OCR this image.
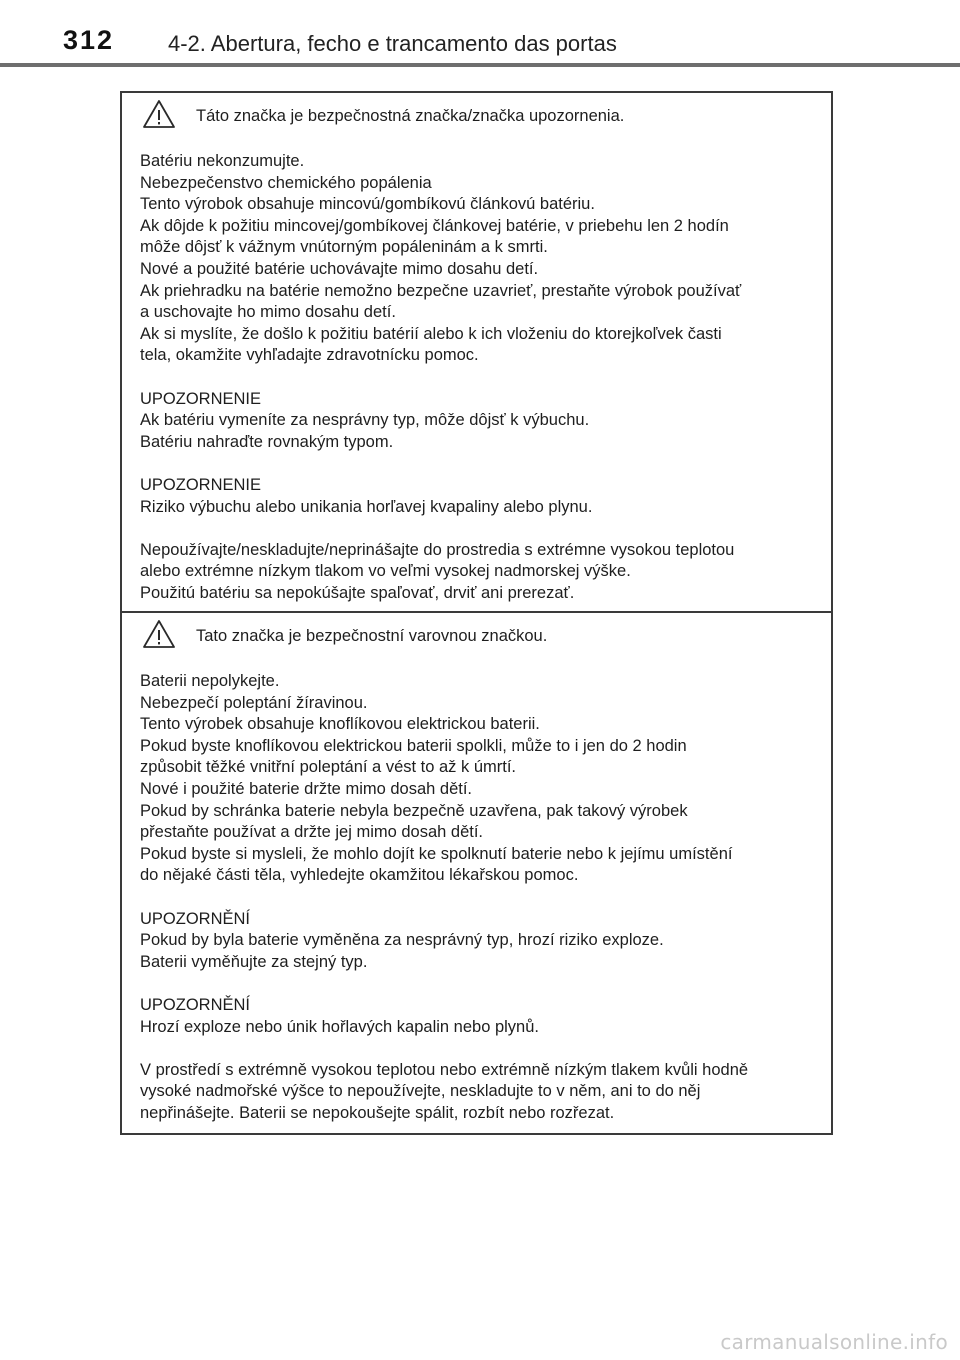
312 4-2. Abertura, fecho e trancamento das portas
Táto značka je bezpečnostná značka/značka upozornenia.
Batériu nekonzumujte.
Nebezpečenstvo chemického popálenia
Tento výrobok obsahuje mincovú/gombíkovú článkovú batériu.
Ak dôjde k požitiu mincovej/gombíkovej článkovej batérie, v priebehu len 2 hodín
môže dôjsť k vážnym vnútorným popáleninám a k smrti.
Nové a použité batérie uchovávajte mimo dosahu detí.
Ak priehradku na batérie nemožno bezpečne uzavrieť, prestaňte výrobok používať
a uschovajte ho mimo dosahu detí.
Ak si myslíte, že došlo k požitiu batérií alebo k ich vloženiu do ktorejkoľvek časti
tela, okamžite vyhľadajte zdravotnícku pomoc.
UPOZORNENIE
Ak batériu vymeníte za nesprávny typ, môže dôjsť k výbuchu.
Batériu nahraďte rovnakým typom.
UPOZORNENIE
Riziko výbuchu alebo unikania horľavej kvapaliny alebo plynu.
Nepoužívajte/neskladujte/neprinášajte do prostredia s extrémne vysokou teplotou
alebo extrémne nízkym tlakom vo veľmi vysokej nadmorskej výške.
Použitú batériu sa nepokúšajte spaľovať, drviť ani prerezať.
Tato značka je bezpečnostní varovnou značkou.
Baterii nepolykejte.
Nebezpečí poleptání žíravinou.
Tento výrobek obsahuje knoflíkovou elektrickou baterii.
Pokud byste knoflíkovou elektrickou baterii spolkli, může to i jen do 2 hodin
způsobit těžké vnitřní poleptání a vést to až k úmrtí.
Nové i použité baterie držte mimo dosah dětí.
Pokud by schránka baterie nebyla bezpečně uzavřena, pak takový výrobek
přestaňte používat a držte jej mimo dosah dětí.
Pokud byste si mysleli, že mohlo dojít ke spolknutí baterie nebo k jejímu umístění
do nějaké části těla, vyhledejte okamžitou lékařskou pomoc.
UPOZORNĚNÍ
Pokud by byla baterie vyměněna za nesprávný typ, hrozí riziko exploze.
Baterii vyměňujte za stejný typ.
UPOZORNĚNÍ
Hrozí exploze nebo únik hořlavých kapalin nebo plynů.
V prostředí s extrémně vysokou teplotou nebo extrémně nízkým tlakem kvůli hodně
vysoké nadmořské výšce to nepoužívejte, neskladujte to v něm, ani to do něj
nepřinášejte. Baterii se nepokoušejte spálit, rozbít nebo rozřezat.
carmanualsonline.info
